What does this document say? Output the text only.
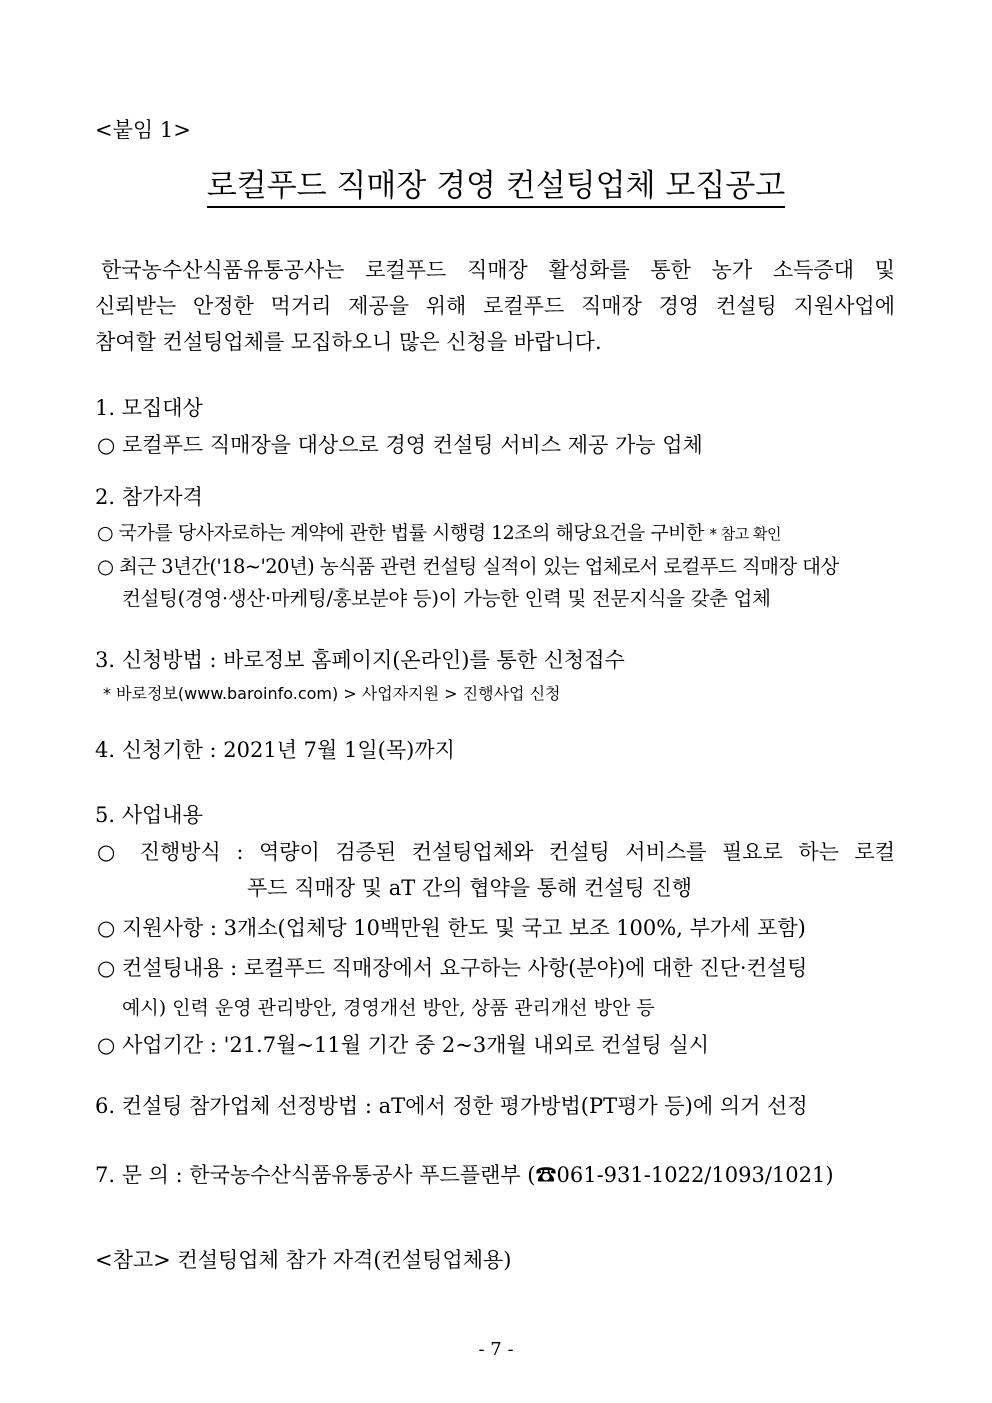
<붙임 1>
로컬푸드 직매장 경영 컨설팅업체 모집공고
한국농수산식품유통공사는 로컬푸드 직매장 활성화를 통한 농가 소득증대 및
신뢰받는 안정한 먹거리 제공을 위해 로컬푸드 직매장 경영 컨설팅 지원사업에
참여할 컨설팅업체를 모집하오니 많은 신청을 바랍니다.
1. 모집대상
○ 로컬푸드 직매장을 대상으로 경영 컨설팅 서비스 제공 가능 업체
2. 참가자격
○ 국가를 당사자로하는 계약에 관한 법률 시행령 12조의 해당요건을 구비한 * 참고 확인
○ 최근 3년간('18~'20년) 농식품 관련 컨설팅 실적이 있는 업체로서 로컬푸드 직매장 대상
컨설팅(경영·생산·마케팅/홍보분야 등)이 가능한 인력 및 전문지식을 갖춘 업체
3. 신청방법 : 바로정보 홈페이지(온라인)를 통한 신청접수
* 바로정보(www.baroinfo.com) > 사업자지원 > 진행사업 신청
4. 신청기한 : 2021년 7월 1일(목)까지
5. 사업내용
○ 진행방식 : 역량이 검증된 컨설팅업체와 컨설팅 서비스를 필요로 하는 로컬
푸드 직매장 및 aT 간의 협약을 통해 컨설팅 진행
○ 지원사항 : 3개소(업체당 10백만원 한도 및 국고 보조 100%, 부가세 포함)
○ 컨설팅내용 : 로컬푸드 직매장에서 요구하는 사항(분야)에 대한 진단·컨설팅
예시) 인력 운영 관리방안, 경영개선 방안, 상품 관리개선 방안 등
○ 사업기간 : '21.7월~11월 기간 중 2~3개월 내외로 컨설팅 실시
6. 컨설팅 참가업체 선정방법 : aT에서 정한 평가방법(PT평가 등)에 의거 선정
7. 문 의 : 한국농수산식품유통공사 푸드플랜부 (☎061-931-1022/1093/1021)
<참고> 컨설팅업체 참가 자격(컨설팅업체용)
- 7 -
